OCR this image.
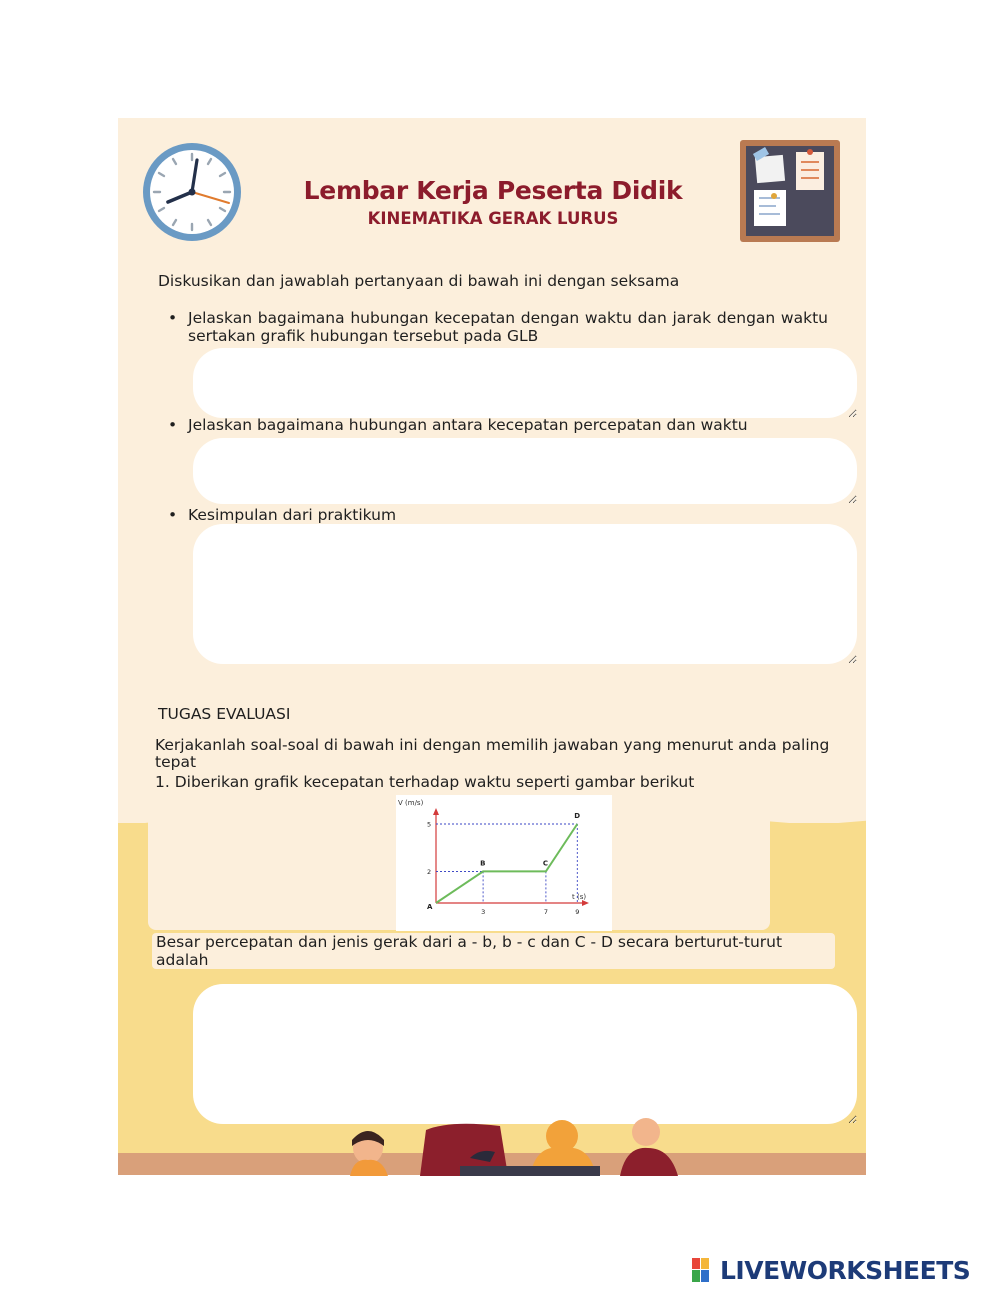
Lembar Kerja Peserta Didik
KINEMATIKA GERAK LURUS

Diskusikan dan jawablah pertanyaan di bawah ini dengan seksama

• Jelaskan bagaimana hubungan kecepatan dengan waktu dan jarak dengan waktu sertakan grafik hubungan tersebut pada GLB

• Jelaskan bagaimana hubungan antara kecepatan percepatan dan waktu

• Kesimpulan dari praktikum

TUGAS EVALUASI

Kerjakanlah soal-soal di bawah ini dengan memilih jawaban yang menurut anda paling tepat

1. Diberikan grafik kecepatan terhadap waktu seperti gambar berikut

V (m/s)
t (s)
A
B	C
D
3	7	9
2
5

Besar percepatan dan jenis gerak dari a - b, b - c dan C - D secara berturut-turut adalah

LIVEWORKSHEETS
